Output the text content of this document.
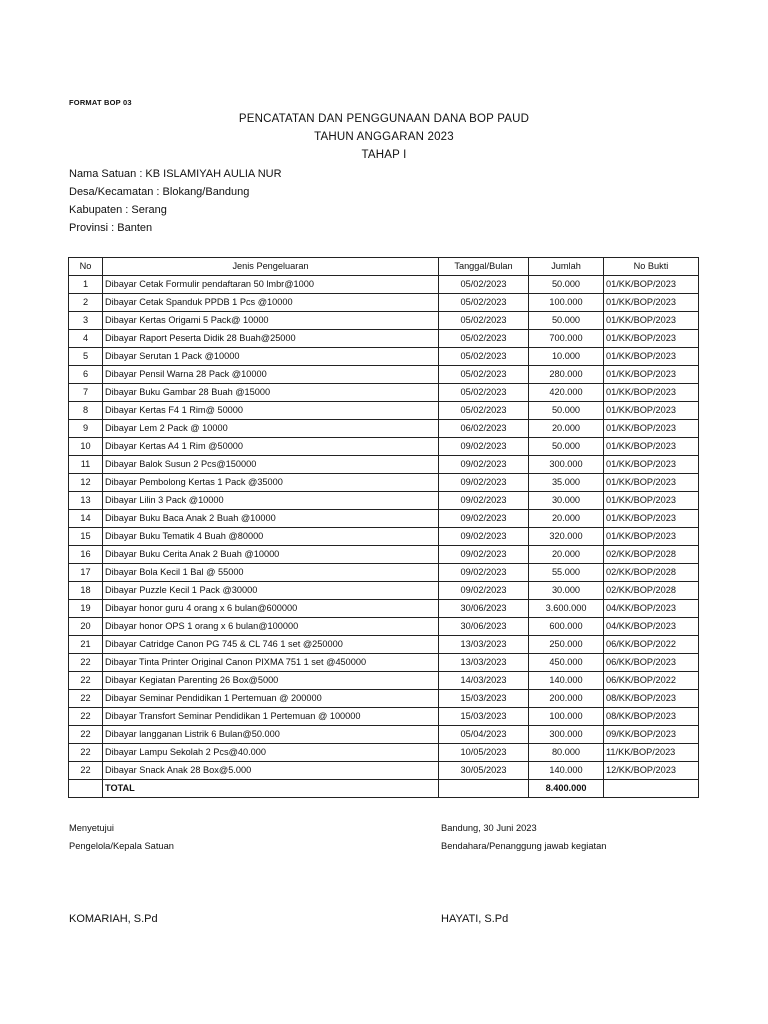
FORMAT BOP 03
PENCATATAN DAN PENGGUNAAN DANA BOP PAUD
TAHUN ANGGARAN 2023
TAHAP I
Nama Satuan : KB ISLAMIYAH AULIA NUR
Desa/Kecamatan : Blokang/Bandung
Kabupaten : Serang
Provinsi : Banten
No	Jenis Pengeluaran	Tanggal/Bulan	Jumlah	No Bukti
1	Dibayar Cetak Formulir pendaftaran 50 lmbr@1000	05/02/2023	50.000	01/KK/BOP/2023
2	Dibayar Cetak Spanduk PPDB 1 Pcs @10000	05/02/2023	100.000	01/KK/BOP/2023
3	Dibayar Kertas Origami 5 Pack@ 10000	05/02/2023	50.000	01/KK/BOP/2023
4	Dibayar Raport Peserta Didik 28 Buah@25000	05/02/2023	700.000	01/KK/BOP/2023
5	Dibayar Serutan 1 Pack @10000	05/02/2023	10.000	01/KK/BOP/2023
6	Dibayar Pensil Warna 28 Pack @10000	05/02/2023	280.000	01/KK/BOP/2023
7	Dibayar Buku Gambar 28 Buah @15000	05/02/2023	420.000	01/KK/BOP/2023
8	Dibayar Kertas F4 1 Rim@ 50000	05/02/2023	50.000	01/KK/BOP/2023
9	Dibayar Lem 2 Pack @ 10000	06/02/2023	20.000	01/KK/BOP/2023
10	Dibayar Kertas A4 1 Rim @50000	09/02/2023	50.000	01/KK/BOP/2023
11	Dibayar Balok Susun 2 Pcs@150000	09/02/2023	300.000	01/KK/BOP/2023
12	Dibayar Pembolong Kertas 1 Pack @35000	09/02/2023	35.000	01/KK/BOP/2023
13	Dibayar Lilin 3 Pack @10000	09/02/2023	30.000	01/KK/BOP/2023
14	Dibayar Buku Baca Anak 2 Buah @10000	09/02/2023	20.000	01/KK/BOP/2023
15	Dibayar Buku Tematik 4 Buah @80000	09/02/2023	320.000	01/KK/BOP/2023
16	Dibayar Buku Cerita Anak 2 Buah @10000	09/02/2023	20.000	02/KK/BOP/2028
17	Dibayar Bola Kecil 1 Bal @ 55000	09/02/2023	55.000	02/KK/BOP/2028
18	Dibayar Puzzle Kecil 1 Pack @30000	09/02/2023	30.000	02/KK/BOP/2028
19	Dibayar honor guru 4 orang x 6 bulan@600000	30/06/2023	3.600.000	04/KK/BOP/2023
20	Dibayar honor OPS 1 orang x 6 bulan@100000	30/06/2023	600.000	04/KK/BOP/2023
21	Dibayar Catridge Canon PG 745 & CL 746 1 set @250000	13/03/2023	250.000	06/KK/BOP/2022
22	Dibayar Tinta Printer Original Canon PIXMA 751 1 set @450000	13/03/2023	450.000	06/KK/BOP/2023
22	Dibayar Kegiatan Parenting 26 Box@5000	14/03/2023	140.000	06/KK/BOP/2022
22	Dibayar Seminar Pendidikan 1 Pertemuan @ 200000	15/03/2023	200.000	08/KK/BOP/2023
22	Dibayar Transfort Seminar Pendidikan 1 Pertemuan @ 100000	15/03/2023	100.000	08/KK/BOP/2023
22	Dibayar langganan Listrik 6 Bulan@50.000	05/04/2023	300.000	09/KK/BOP/2023
22	Dibayar Lampu Sekolah 2 Pcs@40.000	10/05/2023	80.000	11/KK/BOP/2023
22	Dibayar Snack Anak 28 Box@5.000	30/05/2023	140.000	12/KK/BOP/2023
	TOTAL		8.400.000	
Menyetujui
Pengelola/Kepala Satuan
Bandung, 30 Juni 2023
Bendahara/Penanggung jawab kegiatan
KOMARIAH, S.Pd	HAYATI, S.Pd
